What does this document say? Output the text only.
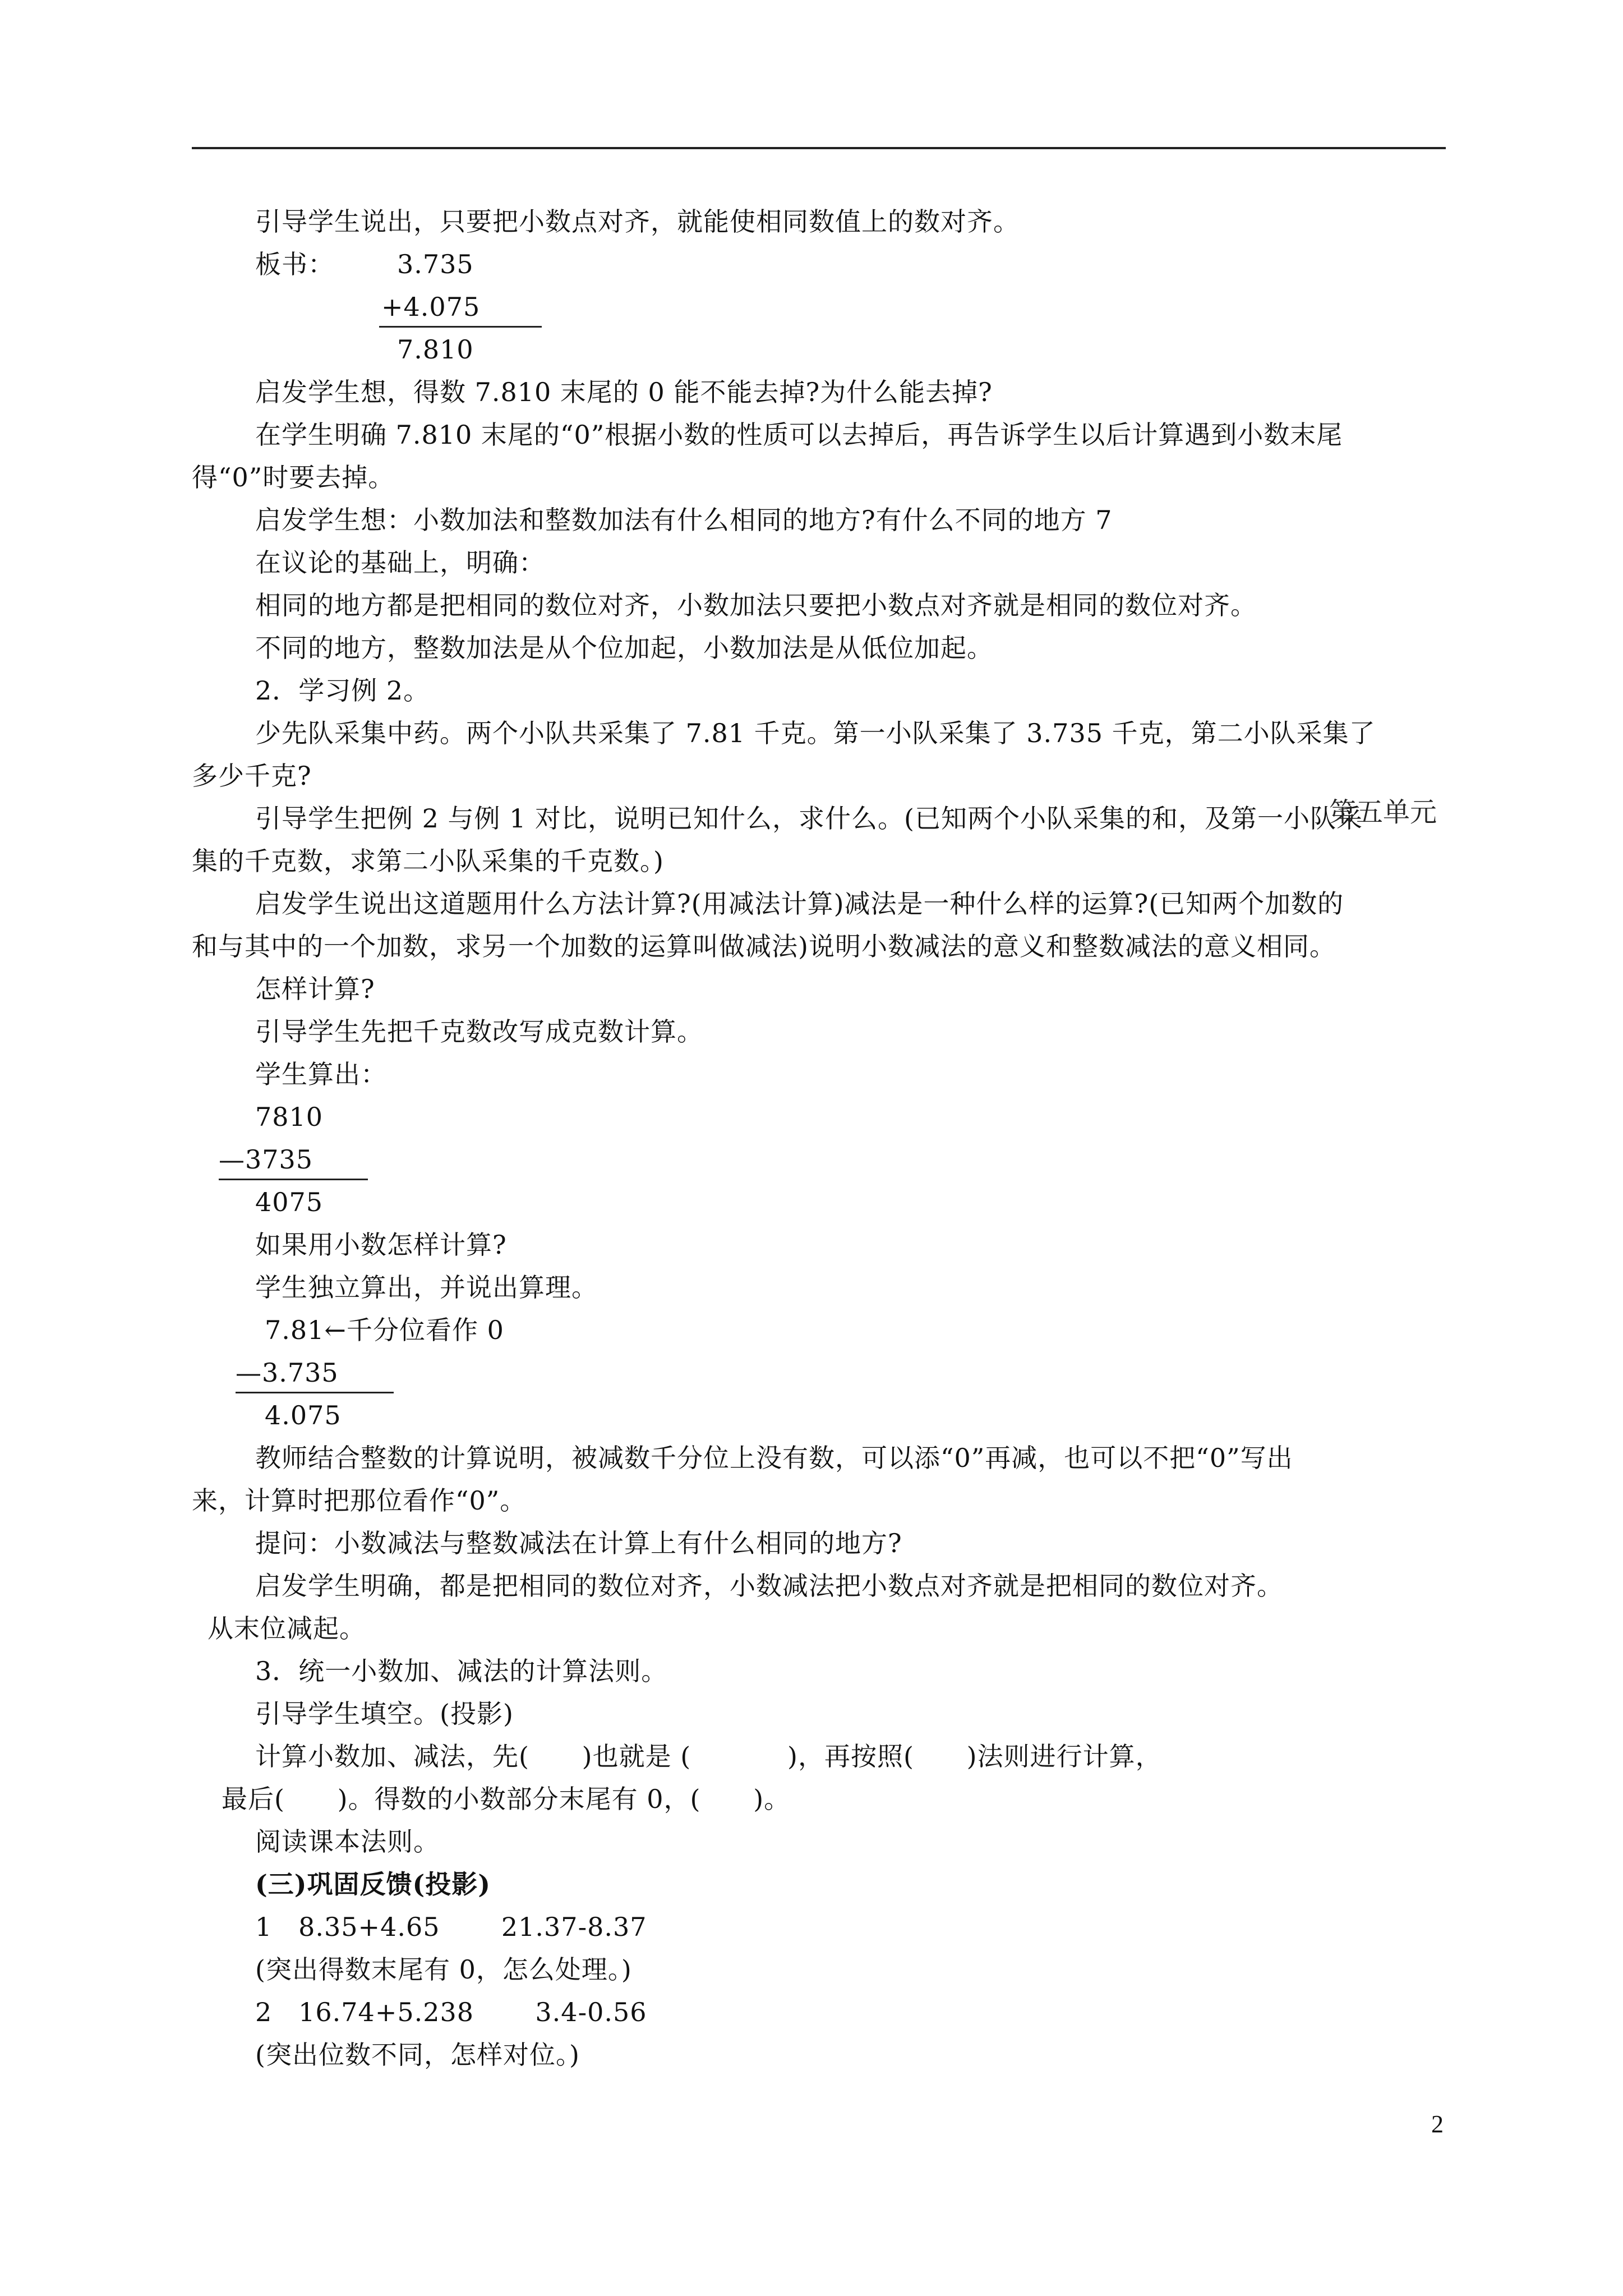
引导学生说出，只要把小数点对齐，就能使相同数值上的数对齐。
板书： 3.735
+4.075
7.810
启发学生想，得数 7.810 末尾的 0 能不能去掉?为什么能去掉?
在学生明确 7.810 末尾的“0”根据小数的性质可以去掉后，再告诉学生以后计算遇到小数末尾
得“0”时要去掉。
启发学生想：小数加法和整数加法有什么相同的地方?有什么不同的地方 7
在议论的基础上，明确：
相同的地方都是把相同的数位对齐，小数加法只要把小数点对齐就是相同的数位对齐。
不同的地方，整数加法是从个位加起，小数加法是从低位加起。
2．学习例 2。
少先队采集中药。两个小队共采集了 7.81 千克。第一小队采集了 3.735 千克，第二小队采集了
多少千克?
引导学生把例 2 与例 1 对比，说明已知什么，求什么。(已知两个小队采集的和，及第一小队采
集的千克数，求第二小队采集的千克数。)
启发学生说出这道题用什么方法计算?(用减法计算)减法是一种什么样的运算?(已知两个加数的
和与其中的一个加数，求另一个加数的运算叫做减法)说明小数减法的意义和整数减法的意义相同。
怎样计算?
引导学生先把千克数改写成克数计算。
学生算出：
7810
—3735
4075
如果用小数怎样计算?
学生独立算出，并说出算理。
7.81←千分位看作 0
—3.735
4.075
教师结合整数的计算说明，被减数千分位上没有数，可以添“0”再减，也可以不把“0”写出
来，计算时把那位看作“0”。
提问：小数减法与整数减法在计算上有什么相同的地方?
启发学生明确，都是把相同的数位对齐，小数减法把小数点对齐就是把相同的数位对齐。
从末位减起。
3．统一小数加、减法的计算法则。
引导学生填空。(投影)
计算小数加、减法，先(      )也就是 (           )，再按照(      )法则进行计算，
最后(      )。得数的小数部分末尾有 0，(      )。
阅读课本法则。
(三)巩固反馈(投影)
1   8.35+4.65       21.37-8.37
(突出得数末尾有 0，怎么处理。)
2   16.74+5.238       3.4-0.56
(突出位数不同，怎样对位。)
第五单元
2
